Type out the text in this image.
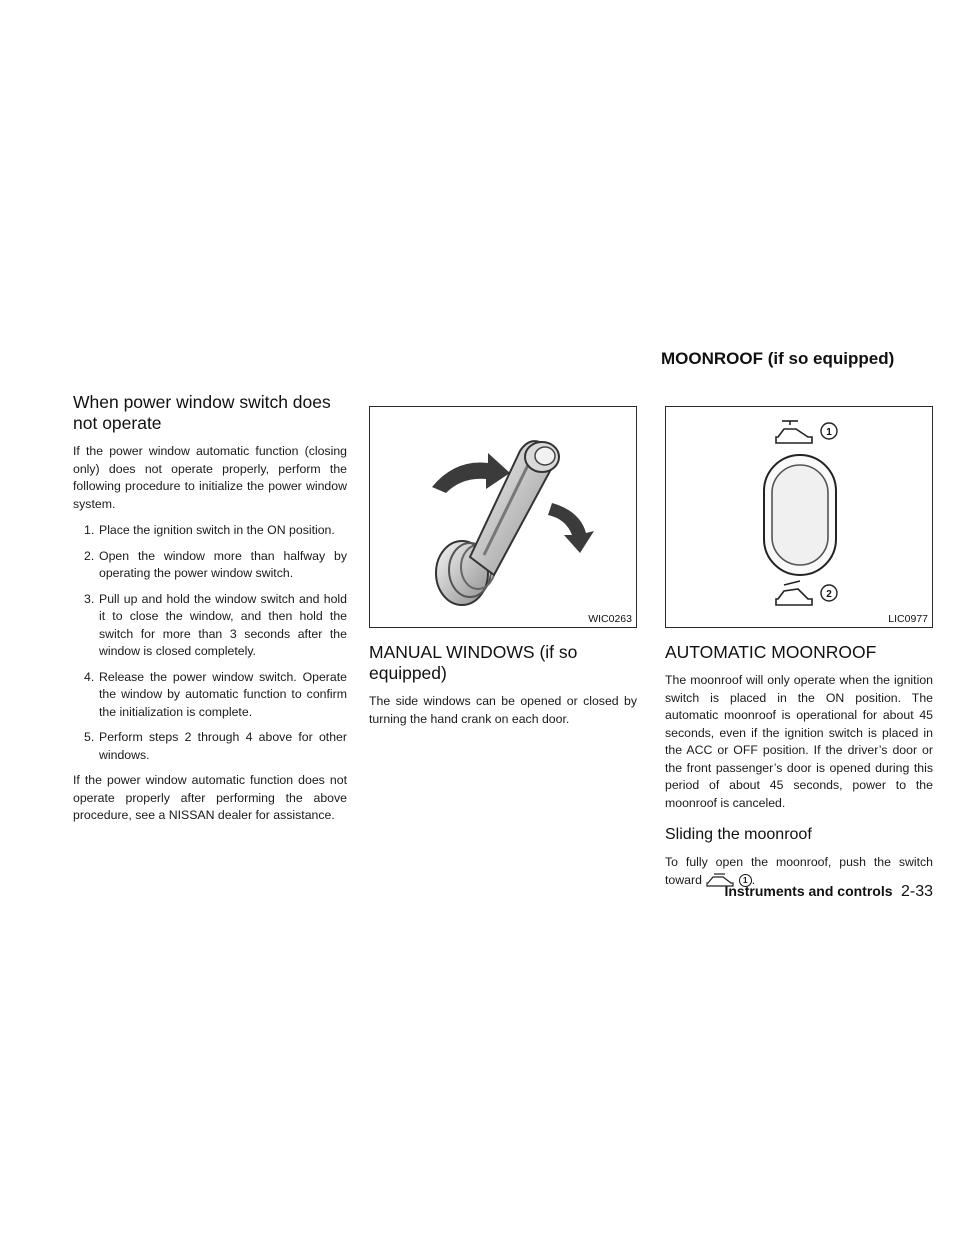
MOONROOF (if so equipped)
When power window switch does not operate

If the power window automatic function (closing only) does not operate properly, perform the following procedure to initialize the power window system.

1. Place the ignition switch in the ON position.
2. Open the window more than halfway by operating the power window switch.
3. Pull up and hold the window switch and hold it to close the window, and then hold the switch for more than 3 seconds after the window is closed completely.
4. Release the power window switch. Operate the window by automatic function to confirm the initialization is complete.
5. Perform steps 2 through 4 above for other windows.

If the power window automatic function does not operate properly after performing the above procedure, see a NISSAN dealer for assistance.

WIC0263
MANUAL WINDOWS (if so equipped)

The side windows can be opened or closed by turning the hand crank on each door.

1
2
LIC0977
AUTOMATIC MOONROOF

The moonroof will only operate when the ignition switch is placed in the ON position. The automatic moonroof is operational for about 45 seconds, even if the ignition switch is placed in the ACC or OFF position. If the driver’s door or the front passenger’s door is opened during this period of about 45 seconds, power to the moonroof is canceled.

Sliding the moonroof

To fully open the moonroof, push the switch toward	1 .

Instruments and controls 2-33
